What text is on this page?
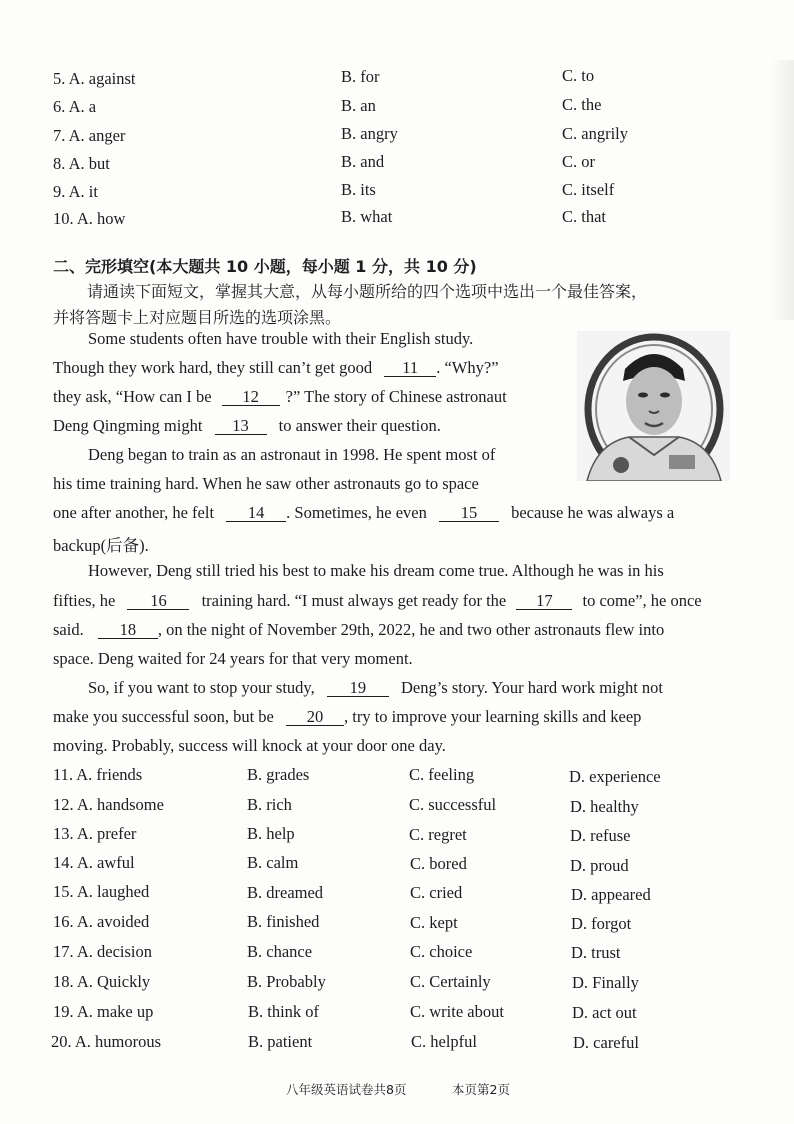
5. A. against	B. for	C. to
6. A. a	B. an	C. the
7. A. anger	B. angry	C. angrily
8. A. but	B. and	C. or
9. A. it	B. its	C. itself
10. A. how	B. what	C. that
二、完形填空(本大题共 10 小题，每小题 1 分，共 10 分)
请通读下面短文，掌握其大意，从每小题所给的四个选项中选出一个最佳答案，
并将答题卡上对应题目所选的选项涂黑。
Some students often have trouble with their English study.
Though they work hard, they still can’t get good 11 . “Why?”
they ask, “How can I be 12 ?” The story of Chinese astronaut
Deng Qingming might 13 to answer their question.
Deng began to train as an astronaut in 1998. He spent most of
his time training hard. When he saw other astronauts go to space
one after another, he felt 14 . Sometimes, he even 15 because he was always a
backup(后备).
However, Deng still tried his best to make his dream come true. Although he was in his
fifties, he 16 training hard. “I must always get ready for the 17 to come”, he once
said. 18 , on the night of November 29th, 2022, he and two other astronauts flew into
space. Deng waited for 24 years for that very moment.
So, if you want to stop your study, 19 Deng’s story. Your hard work might not
make you successful soon, but be 20 , try to improve your learning skills and keep
moving. Probably, success will knock at your door one day.
11. A. friends	B. grades	C. feeling	D. experience
12. A. handsome	B. rich	C. successful	D. healthy
13. A. prefer	B. help	C. regret	D. refuse
14. A. awful	B. calm	C. bored	D. proud
15. A. laughed	B. dreamed	C. cried	D. appeared
16. A. avoided	B. finished	C. kept	D. forgot
17. A. decision	B. chance	C. choice	D. trust
18. A. Quickly	B. Probably	C. Certainly	D. Finally
19. A. make up	B. think of	C. write about	D. act out
20. A. humorous	B. patient	C. helpful	D. careful
八年级英语试卷共8页	本页第2页
